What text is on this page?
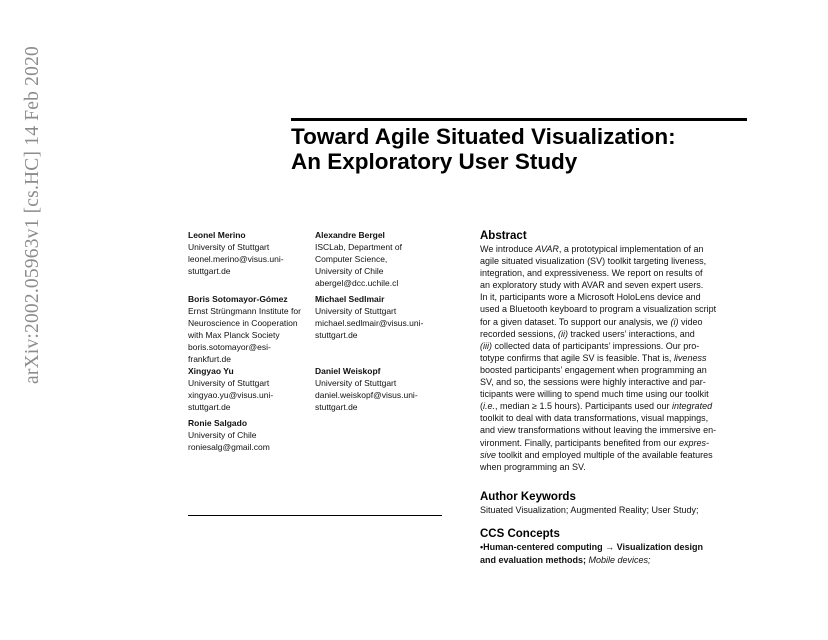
arXiv:2002.05963v1 [cs.HC] 14 Feb 2020	Toward Agile Situated Visualization:
An Exploratory User Study
Leonel Merino
University of Stuttgart
leonel.merino@visus.uni-
stuttgart.de
Alexandre Bergel
ISCLab, Department of
Computer Science,
University of Chile
abergel@dcc.uchile.cl
Boris Sotomayor-Gómez
Ernst Strüngmann Institute for
Neuroscience in Cooperation
with Max Planck Society
boris.sotomayor@esi-
frankfurt.de
Michael Sedlmair
University of Stuttgart
michael.sedlmair@visus.uni-
stuttgart.de
Xingyao Yu
University of Stuttgart
xingyao.yu@visus.uni-
stuttgart.de
Daniel Weiskopf
University of Stuttgart
daniel.weiskopf@visus.uni-
stuttgart.de
Ronie Salgado
University of Chile
roniesalg@gmail.com
Abstract

We introduce AVAR, a prototypical implementation of an
agile situated visualization (SV) toolkit targeting liveness,
integration, and expressiveness. We report on results of
an exploratory study with AVAR and seven expert users.
In it, participants wore a Microsoft HoloLens device and
used a Bluetooth keyboard to program a visualization script
for a given dataset. To support our analysis, we (i) video
recorded sessions, (ii) tracked users’ interactions, and
(iii) collected data of participants’ impressions. Our pro-
totype confirms that agile SV is feasible. That is, liveness
boosted participants’ engagement when programming an
SV, and so, the sessions were highly interactive and par-
ticipants were willing to spend much time using our toolkit
(i.e., median ≥ 1.5 hours). Participants used our integrated
toolkit to deal with data transformations, visual mappings,
and view transformations without leaving the immersive en-
vironment. Finally, participants benefited from our expres-
sive toolkit and employed multiple of the available features
when programming an SV.

Author Keywords
Situated Visualization; Augmented Reality; User Study;
CCS Concepts
•Human-centered computing → Visualization design
and evaluation methods; Mobile devices;
